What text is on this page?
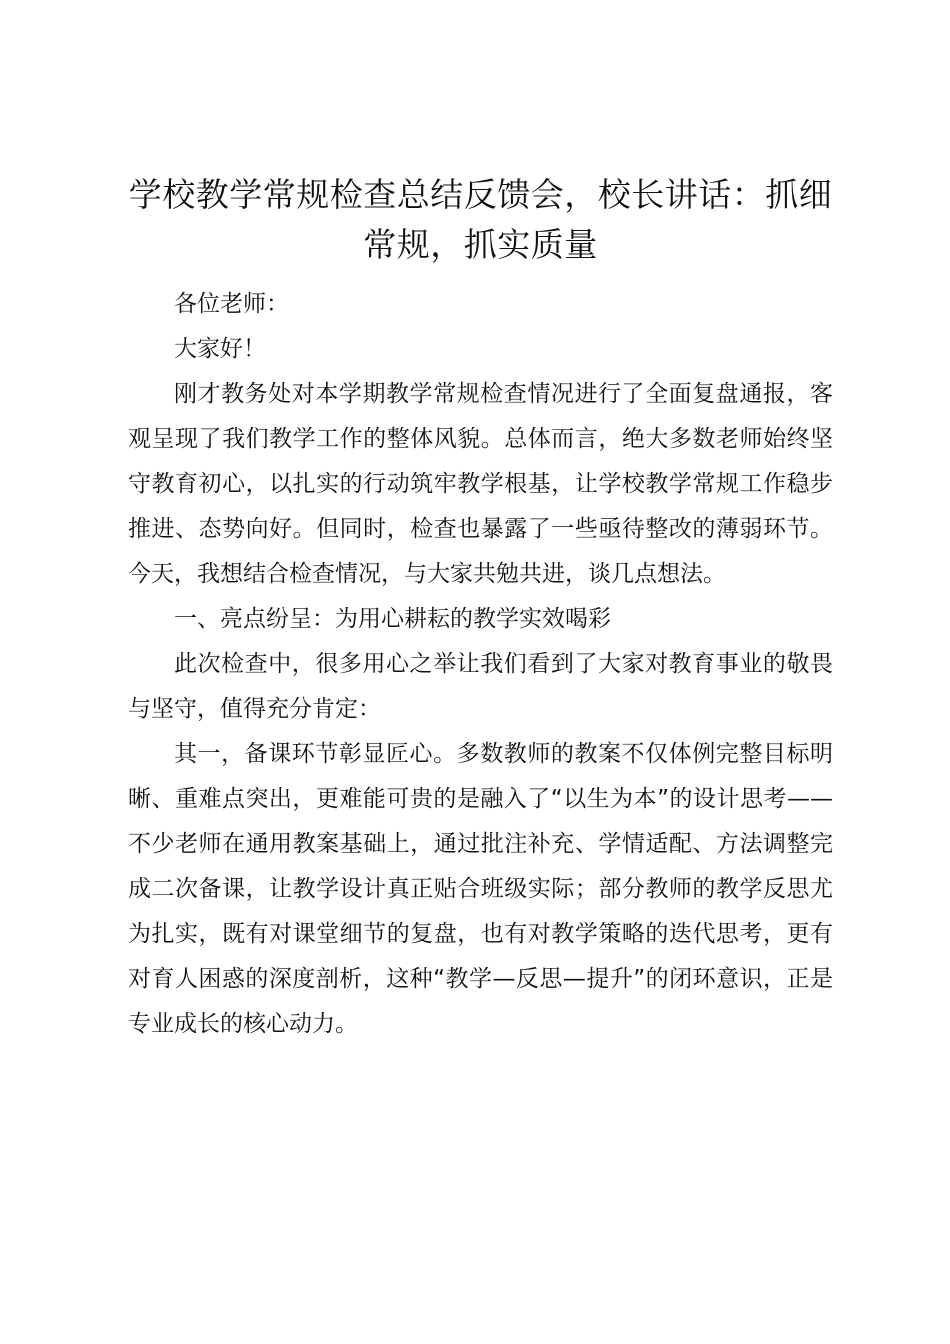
学校教学常规检查总结反馈会，校长讲话：抓细常规，抓实质量

各位老师：

大家好！

刚才教务处对本学期教学常规检查情况进行了全面复盘通报，客观呈现了我们教学工作的整体风貌。总体而言，绝大多数老师始终坚守教育初心，以扎实的行动筑牢教学根基，让学校教学常规工作稳步推进、态势向好。但同时，检查也暴露了一些亟待整改的薄弱环节。今天，我想结合检查情况，与大家共勉共进，谈几点想法。

一、亮点纷呈：为用心耕耘的教学实效喝彩

此次检查中，很多用心之举让我们看到了大家对教育事业的敬畏与坚守，值得充分肯定：

其一，备课环节彰显匠心。多数教师的教案不仅体例完整目标明晰、重难点突出，更难能可贵的是融入了“以生为本”的设计思考——不少老师在通用教案基础上，通过批注补充、学情适配、方法调整完成二次备课，让教学设计真正贴合班级实际；部分教师的教学反思尤为扎实，既有对课堂细节的复盘，也有对教学策略的迭代思考，更有对育人困惑的深度剖析，这种“教学—反思—提升”的闭环意识，正是专业成长的核心动力。
